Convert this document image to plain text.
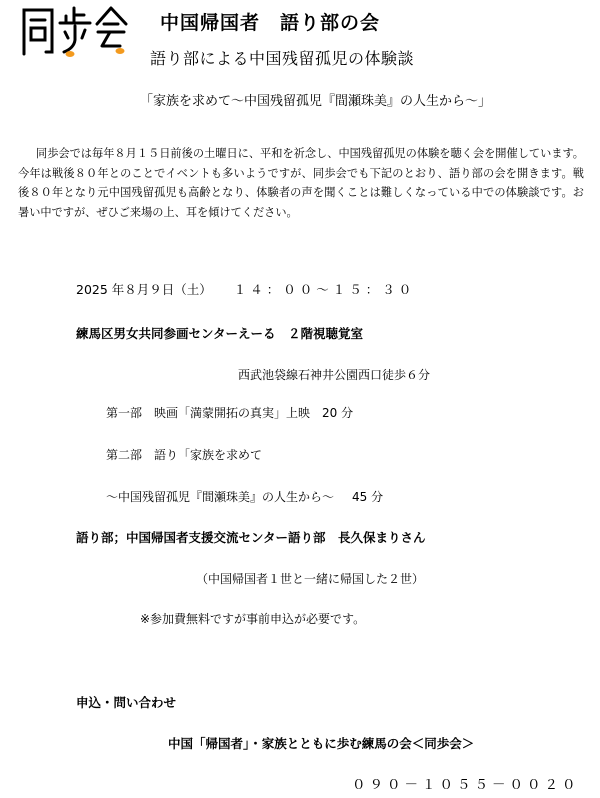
中国帰国者　語り部の会
語り部による中国残留孤児の体験談
「家族を求めて～中国残留孤児『間瀬珠美』の人生から～」
同歩会では毎年８月１５日前後の土曜日に、平和を祈念し、中国残留孤児の体験を聴く会を開催しています。今年は戦後８０年とのことでイベントも多いようですが、同歩会でも下記のとおり、語り部の会を開きます。戦後８０年となり元中国残留孤児も高齢となり、体験者の声を聞くことは難しくなっている中での体験談です。お暑い中ですが、ぜひご来場の上、耳を傾けてください。
2025 年８月９日（土） １４：００～１５：３０
練馬区男女共同参画センターえーる　２階視聴覚室
西武池袋線石神井公園西口徒歩６分
第一部　映画「満蒙開拓の真実」上映　20 分
第二部　語り「家族を求めて
～中国残留孤児『間瀬珠美』の人生から～ 45 分
語り部；中国帰国者支援交流センター語り部　長久保まりさん
（中国帰国者１世と一緒に帰国した２世）
※参加費無料ですが事前申込が必要です。
申込・問い合わせ
中国「帰国者」・家族とともに歩む練馬の会＜同歩会＞
０９０－１０５５－００２０
